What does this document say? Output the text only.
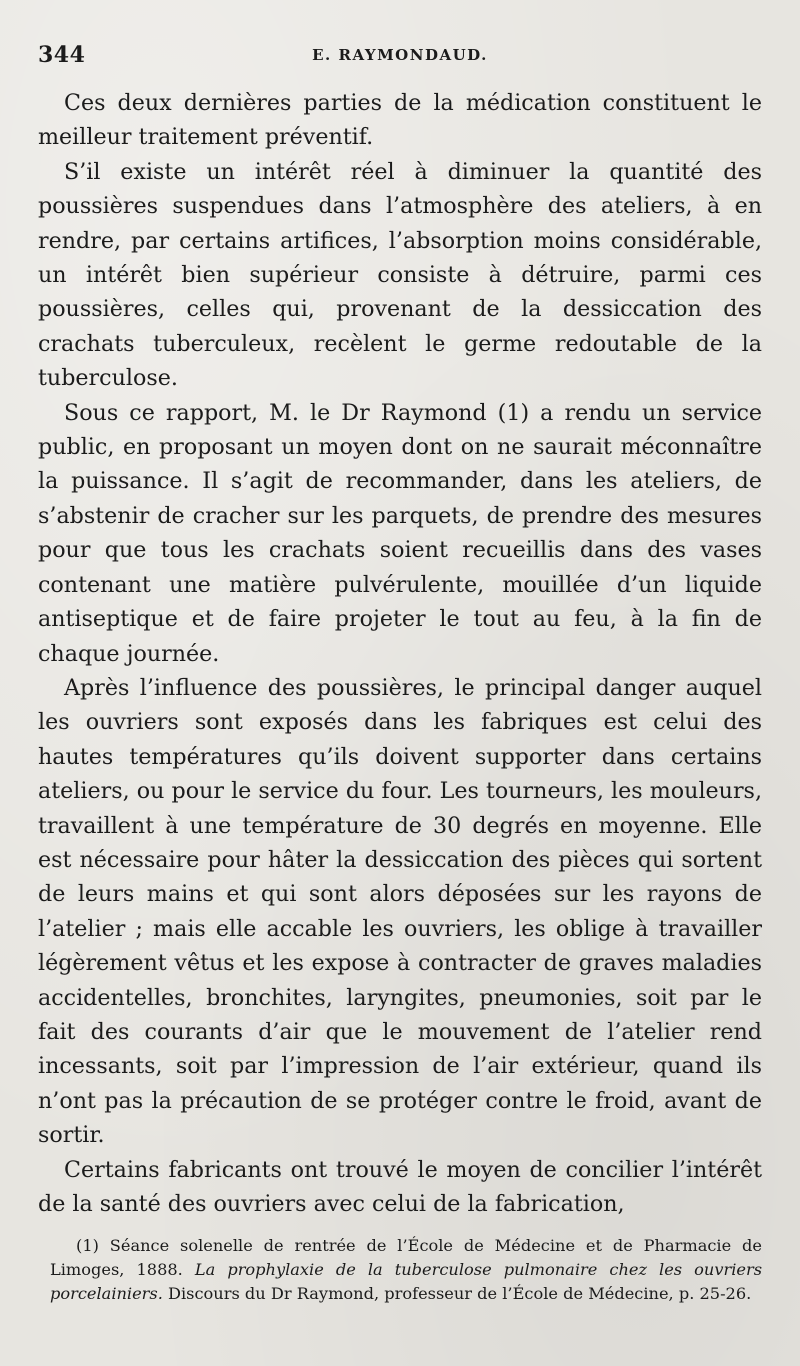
344	E. RAYMONDAUD.

Ces deux dernières parties de la médication constituent le meilleur traitement préventif.

S’il existe un intérêt réel à diminuer la quantité des poussières suspendues dans l’atmosphère des ateliers, à en rendre, par certains artifices, l’absorption moins considérable, un intérêt bien supérieur consiste à détruire, parmi ces poussières, celles qui, provenant de la dessiccation des crachats tuberculeux, recèlent le germe redoutable de la tuberculose.

Sous ce rapport, M. le Dr Raymond (1) a rendu un service public, en proposant un moyen dont on ne saurait méconnaître la puissance. Il s’agit de recommander, dans les ateliers, de s’abstenir de cracher sur les parquets, de prendre des mesures pour que tous les crachats soient recueillis dans des vases contenant une matière pulvérulente, mouillée d’un liquide antiseptique et de faire projeter le tout au feu, à la fin de chaque journée.

Après l’influence des poussières, le principal danger auquel les ouvriers sont exposés dans les fabriques est celui des hautes températures qu’ils doivent supporter dans certains ateliers, ou pour le service du four. Les tourneurs, les mouleurs, travaillent à une température de 30 degrés en moyenne. Elle est nécessaire pour hâter la dessiccation des pièces qui sortent de leurs mains et qui sont alors déposées sur les rayons de l’atelier ; mais elle accable les ouvriers, les oblige à travailler légèrement vêtus et les expose à contracter de graves maladies accidentelles, bronchites, laryngites, pneumonies, soit par le fait des courants d’air que le mouvement de l’atelier rend incessants, soit par l’impression de l’air extérieur, quand ils n’ont pas la précaution de se protéger contre le froid, avant de sortir.

Certains fabricants ont trouvé le moyen de concilier l’intérêt de la santé des ouvriers avec celui de la fabrication,

(1) Séance solenelle de rentrée de l’École de Médecine et de Pharmacie de Limoges, 1888. La prophylaxie de la tuberculose pulmonaire chez les ouvriers porcelainiers. Discours du Dr Raymond, professeur de l’École de Médecine, p. 25-26.
